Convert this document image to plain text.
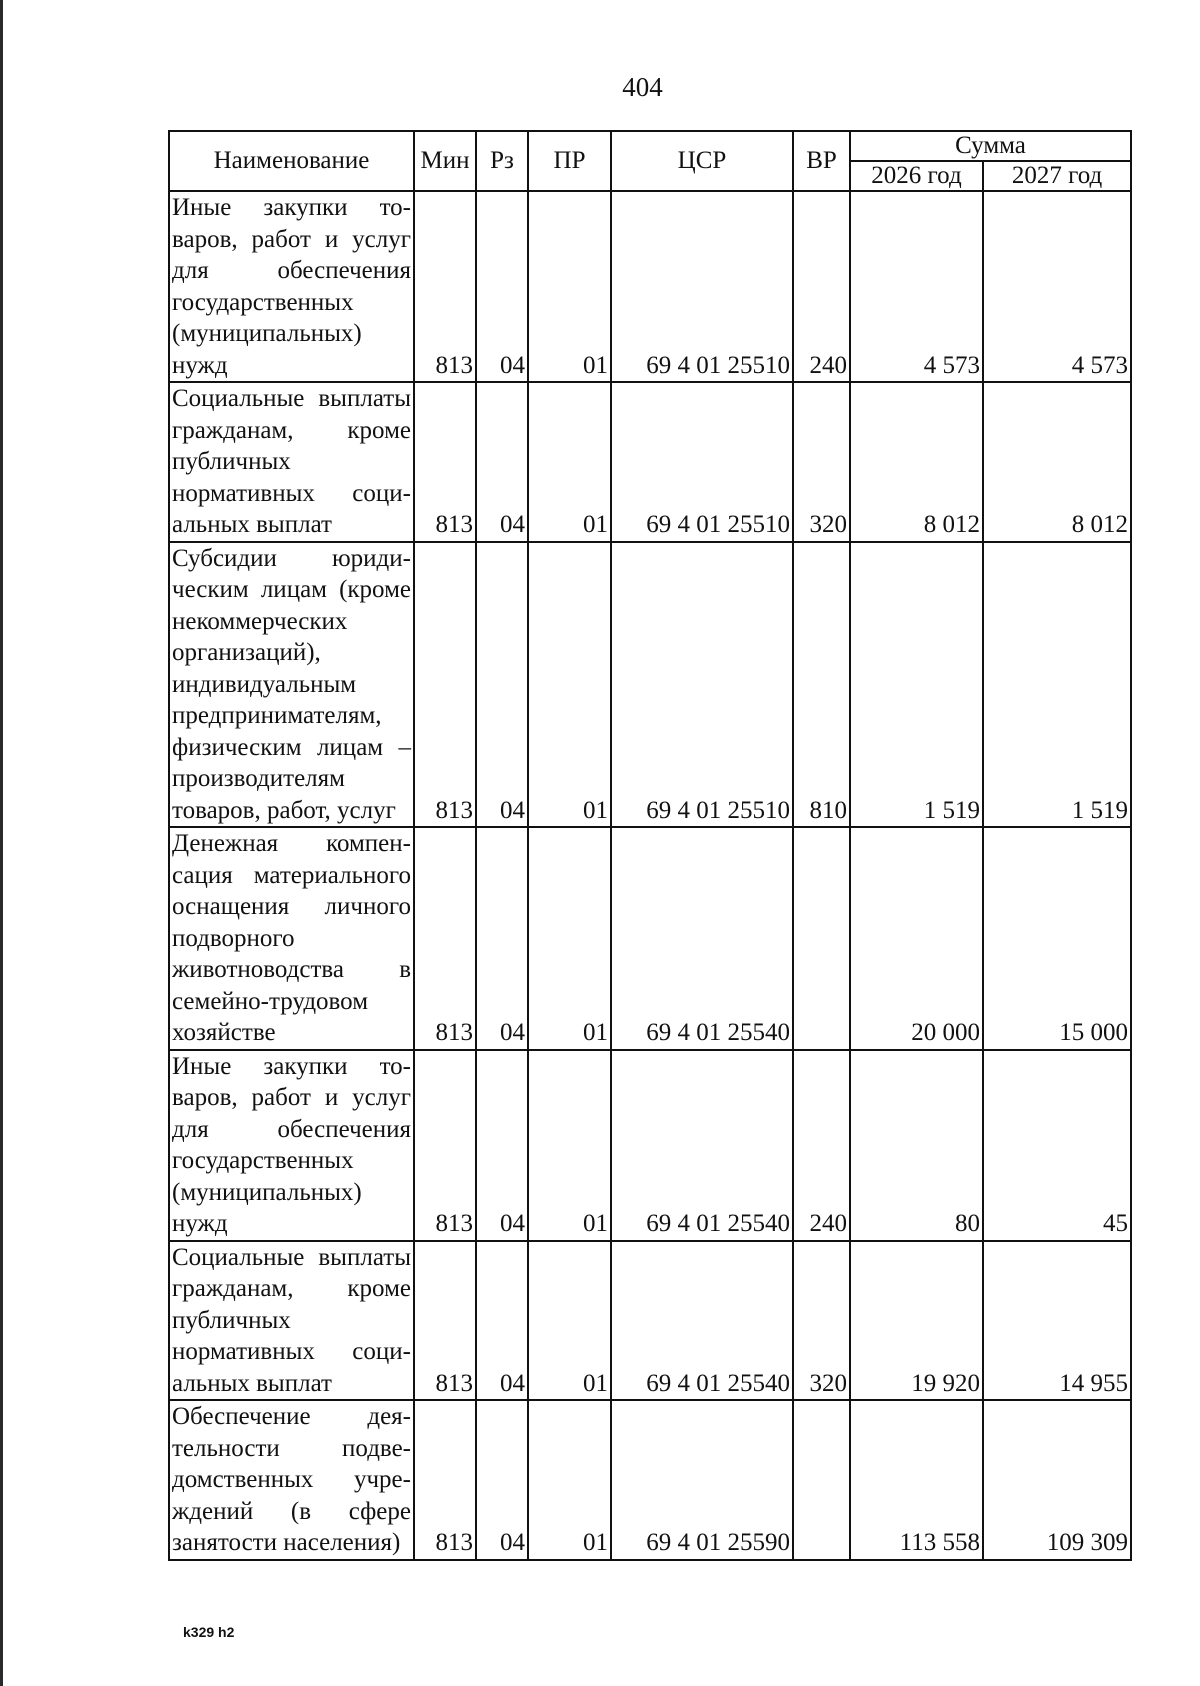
404
Наименование	Мин	Рз	ПР	ЦСР	ВР	Сумма	
						2026 год	2027 год
Иные закупки товаров, работ и услуг для обеспечения государственных (муниципальных) нужд	813	04	01	69 4 01 25510	240	4 573	4 573
Социальные выплаты гражданам, кроме публичных нормативных социальных выплат	813	04	01	69 4 01 25510	320	8 012	8 012
Субсидии юридическим лицам (кроме некоммерческих организаций), индивидуальным предпринимателям, физическим лицам – производителям товаров, работ, услуг	813	04	01	69 4 01 25510	810	1 519	1 519
Денежная компенсация материального оснащения личного подворного животноводства в семейно-трудовом хозяйстве	813	04	01	69 4 01 25540		20 000	15 000
Иные закупки товаров, работ и услуг для обеспечения государственных (муниципальных) нужд	813	04	01	69 4 01 25540	240	80	45
Социальные выплаты гражданам, кроме публичных нормативных социальных выплат	813	04	01	69 4 01 25540	320	19 920	14 955
Обеспечение деятельности подведомственных учреждений (в сфере занятости населения)	813	04	01	69 4 01 25590		113 558	109 309
k329 h2
